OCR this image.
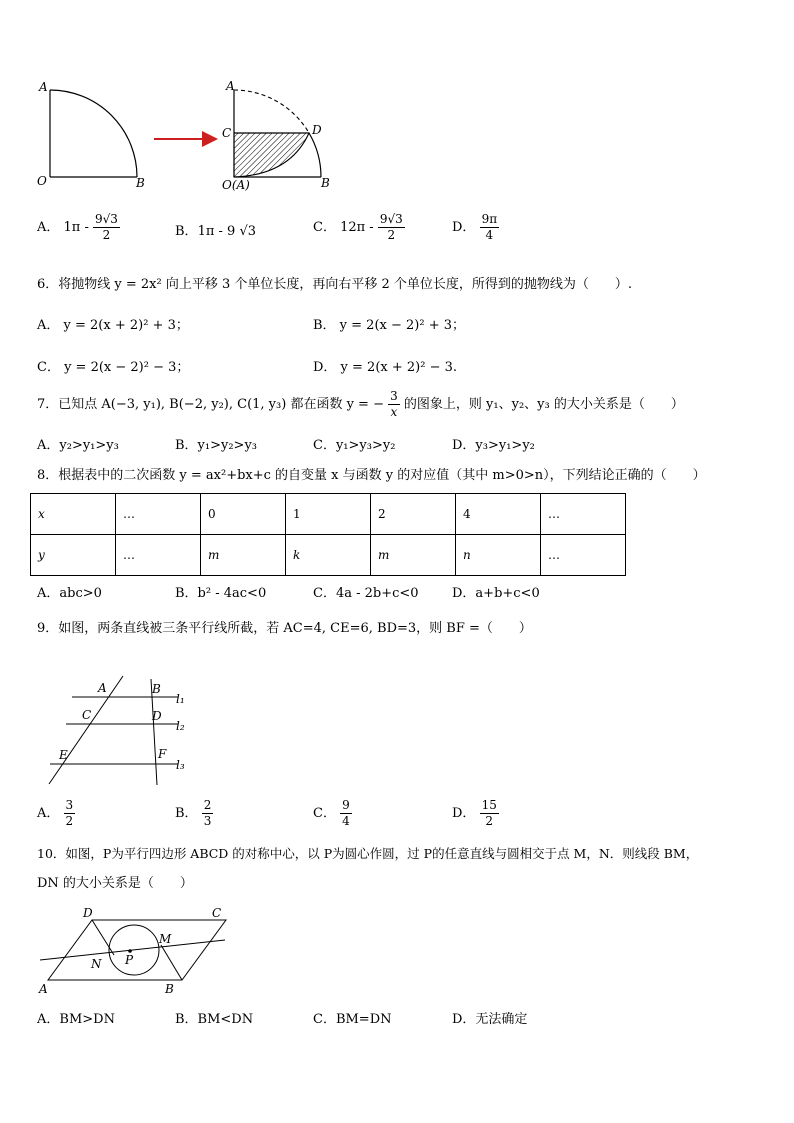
A
O	B
A
C	D
O(A)	B
A． $1\pi - \frac{9√3}{2}$	B．1π - 9 √3	C． $12\pi - \frac{9√3}{2}$	D． $\frac{9\pi}{4}$
6．将抛物线 y = 2x² 向上平移 3 个单位长度，再向右平移 2 个单位长度，所得到的抛物线为（　　）.
A． y = 2(x + 2)² + 3；	B． y = 2(x − 2)² + 3；
C． y = 2(x − 2)² − 3；	D． y = 2(x + 2)² − 3.
7．已知点 A(−3, y₁), B(−2, y₂), C(1, y₃) 都在函数 y = − $\frac{3}{x}$ 的图象上，则 y₁、y₂、y₃ 的大小关系是（　　）
A．y₂>y₁>y₃	B．y₁>y₂>y₃	C．y₁>y₃>y₂	D．y₃>y₁>y₂
8．根据表中的二次函数 y = ax²+bx+c 的自变量 x 与函数 y 的对应值（其中 m>0>n），下列结论正确的（　　）
x	…	0	1	2	4	…
y	…	m	k	m	n	…
A．abc>0	B．b² - 4ac<0	C．4a - 2b+c<0	D．a+b+c<0
9．如图，两条直线被三条平行线所截，若 AC=4, CE=6, BD=3，则 BF =（　　）
A	B
C	D
E	F
l₁
l₂
l₃
A． $\frac{3}{2}$	B． $\frac{2}{3}$	C． $\frac{9}{4}$	D． $\frac{15}{2}$
10．如图，P为平行四边形 ABCD 的对称中心，以 P为圆心作圆，过 P的任意直线与圆相交于点 M，N．则线段 BM，
DN 的大小关系是（　　）
D	C
A	B
M
N P
A．BM>DN	B．BM<DN	C．BM=DN	D．无法确定
